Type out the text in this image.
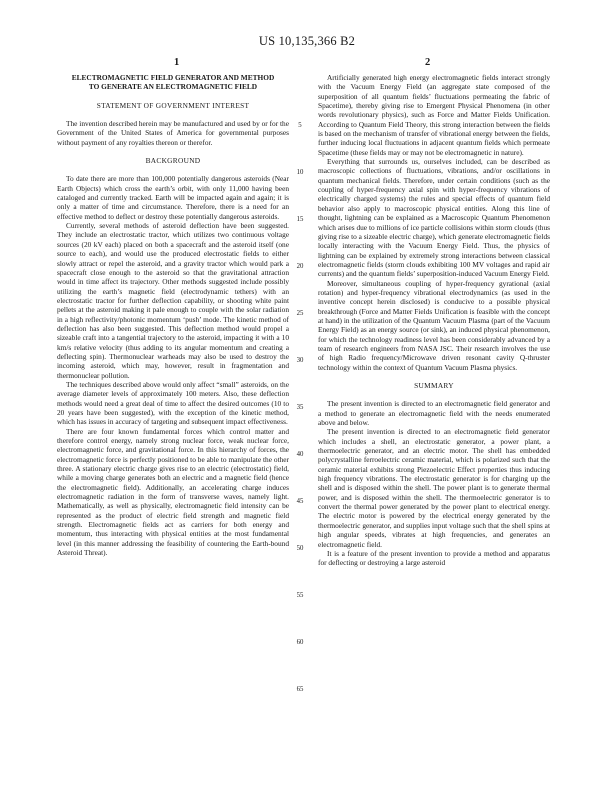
US 10,135,366 B2
1	2

ELECTROMAGNETIC FIELD GENERATOR AND METHOD TO GENERATE AN ELECTROMAGNETIC FIELD

STATEMENT OF GOVERNMENT INTEREST

The invention described herein may be manufactured and used by or for the Government of the United States of America for governmental purposes without payment of any royalties thereon or therefor.

BACKGROUND

To date there are more than 100,000 potentially dangerous asteroids (Near Earth Objects) which cross the earth’s orbit, with only 11,000 having been cataloged and currently tracked. Earth will be impacted again and again; it is only a matter of time and circumstance. Therefore, there is a need for an effective method to deflect or destroy these potentially dangerous asteroids.

Currently, several methods of asteroid deflection have been suggested. They include an electrostatic tractor, which utilizes two continuous voltage sources (20 kV each) placed on both a spacecraft and the asteroid itself (one source to each), and would use the produced electrostatic fields to either slowly attract or repel the asteroid, and a gravity tractor which would park a spacecraft close enough to the asteroid so that the gravitational attraction would in time affect its trajectory. Other methods suggested include possibly utilizing the earth’s magnetic field (electrodynamic tethers) with an electrostatic tractor for further deflection capability, or shooting white paint pellets at the asteroid making it pale enough to couple with the solar radiation in a high reflectivity/photonic momentum ‘push’ mode. The kinetic method of deflection has also been suggested. This deflection method would propel a sizeable craft into a tangential trajectory to the asteroid, impacting it with a 10 km/s relative velocity (thus adding to its angular momentum and creating a deflecting spin). Thermonuclear warheads may also be used to destroy the incoming asteroid, which may, however, result in fragmentation and thermonuclear pollution.

The techniques described above would only affect “small” asteroids, on the average diameter levels of approximately 100 meters. Also, these deflection methods would need a great deal of time to affect the desired outcomes (10 to 20 years have been suggested), with the exception of the kinetic method, which has issues in accuracy of targeting and subsequent impact effectiveness.

There are four known fundamental forces which control matter and therefore control energy, namely strong nuclear force, weak nuclear force, electromagnetic force, and gravitational force. In this hierarchy of forces, the electromagnetic force is perfectly positioned to be able to manipulate the other three. A stationary electric charge gives rise to an electric (electrostatic) field, while a moving charge generates both an electric and a magnetic field (hence the electromagnetic field). Additionally, an accelerating charge induces electromagnetic radiation in the form of transverse waves, namely light. Mathematically, as well as physically, electromagnetic field intensity can be represented as the product of electric field strength and magnetic field strength. Electromagnetic fields act as carriers for both energy and momentum, thus interacting with physical entities at the most fundamental level (in this manner addressing the feasibility of countering the Earth-bound Asteroid Threat).

5
10
15
20
25
30
35
40
45
50
55
60
65

Artificially generated high energy electromagnetic fields interact strongly with the Vacuum Energy Field (an aggregate state composed of the superposition of all quantum fields’ fluctuations permeating the fabric of Spacetime), thereby giving rise to Emergent Physical Phenomena (in other words revolutionary physics), such as Force and Matter Fields Unification. According to Quantum Field Theory, this strong interaction between the fields is based on the mechanism of transfer of vibrational energy between the fields, further inducing local fluctuations in adjacent quantum fields which permeate Spacetime (these fields may or may not be electromagnetic in nature).

Everything that surrounds us, ourselves included, can be described as macroscopic collections of fluctuations, vibrations, and/or oscillations in quantum mechanical fields. Therefore, under certain conditions (such as the coupling of hyper-frequency axial spin with hyper-frequency vibrations of electrically charged systems) the rules and special effects of quantum field behavior also apply to macroscopic physical entities. Along this line of thought, lightning can be explained as a Macroscopic Quantum Phenomenon which arises due to millions of ice particle collisions within storm clouds (thus giving rise to a sizeable electric charge), which generate electromagnetic fields locally interacting with the Vacuum Energy Field. Thus, the physics of lightning can be explained by extremely strong interactions between classical electromagnetic fields (storm clouds exhibiting 100 MV voltages and rapid air currents) and the quantum fields’ superposition-induced Vacuum Energy Field.

Moreover, simultaneous coupling of hyper-frequency gyrational (axial rotation) and hyper-frequency vibrational electrodynamics (as used in the inventive concept herein disclosed) is conducive to a possible physical breakthrough (Force and Matter Fields Unification is feasible with the concept at hand) in the utilization of the Quantum Vacuum Plasma (part of the Vacuum Energy Field) as an energy source (or sink), an induced physical phenomenon, for which the technology readiness level has been considerably advanced by a team of research engineers from NASA JSC. Their research involves the use of high Radio frequency/Microwave driven resonant cavity Q-thruster technology within the context of Quantum Vacuum Plasma physics.

SUMMARY

The present invention is directed to an electromagnetic field generator and a method to generate an electromagnetic field with the needs enumerated above and below.

The present invention is directed to an electromagnetic field generator which includes a shell, an electrostatic generator, a power plant, a thermoelectric generator, and an electric motor. The shell has embedded polycrystalline ferroelectric ceramic material, which is polarized such that the ceramic material exhibits strong Piezoelectric Effect properties thus inducing high frequency vibrations. The electrostatic generator is for charging up the shell and is disposed within the shell. The power plant is to generate thermal power, and is disposed within the shell. The thermoelectric generator is to convert the thermal power generated by the power plant to electrical energy. The electric motor is powered by the electrical energy generated by the thermoelectric generator, and supplies input voltage such that the shell spins at high angular speeds, vibrates at high frequencies, and generates an electromagnetic field.

It is a feature of the present invention to provide a method and apparatus for deflecting or destroying a large asteroid
